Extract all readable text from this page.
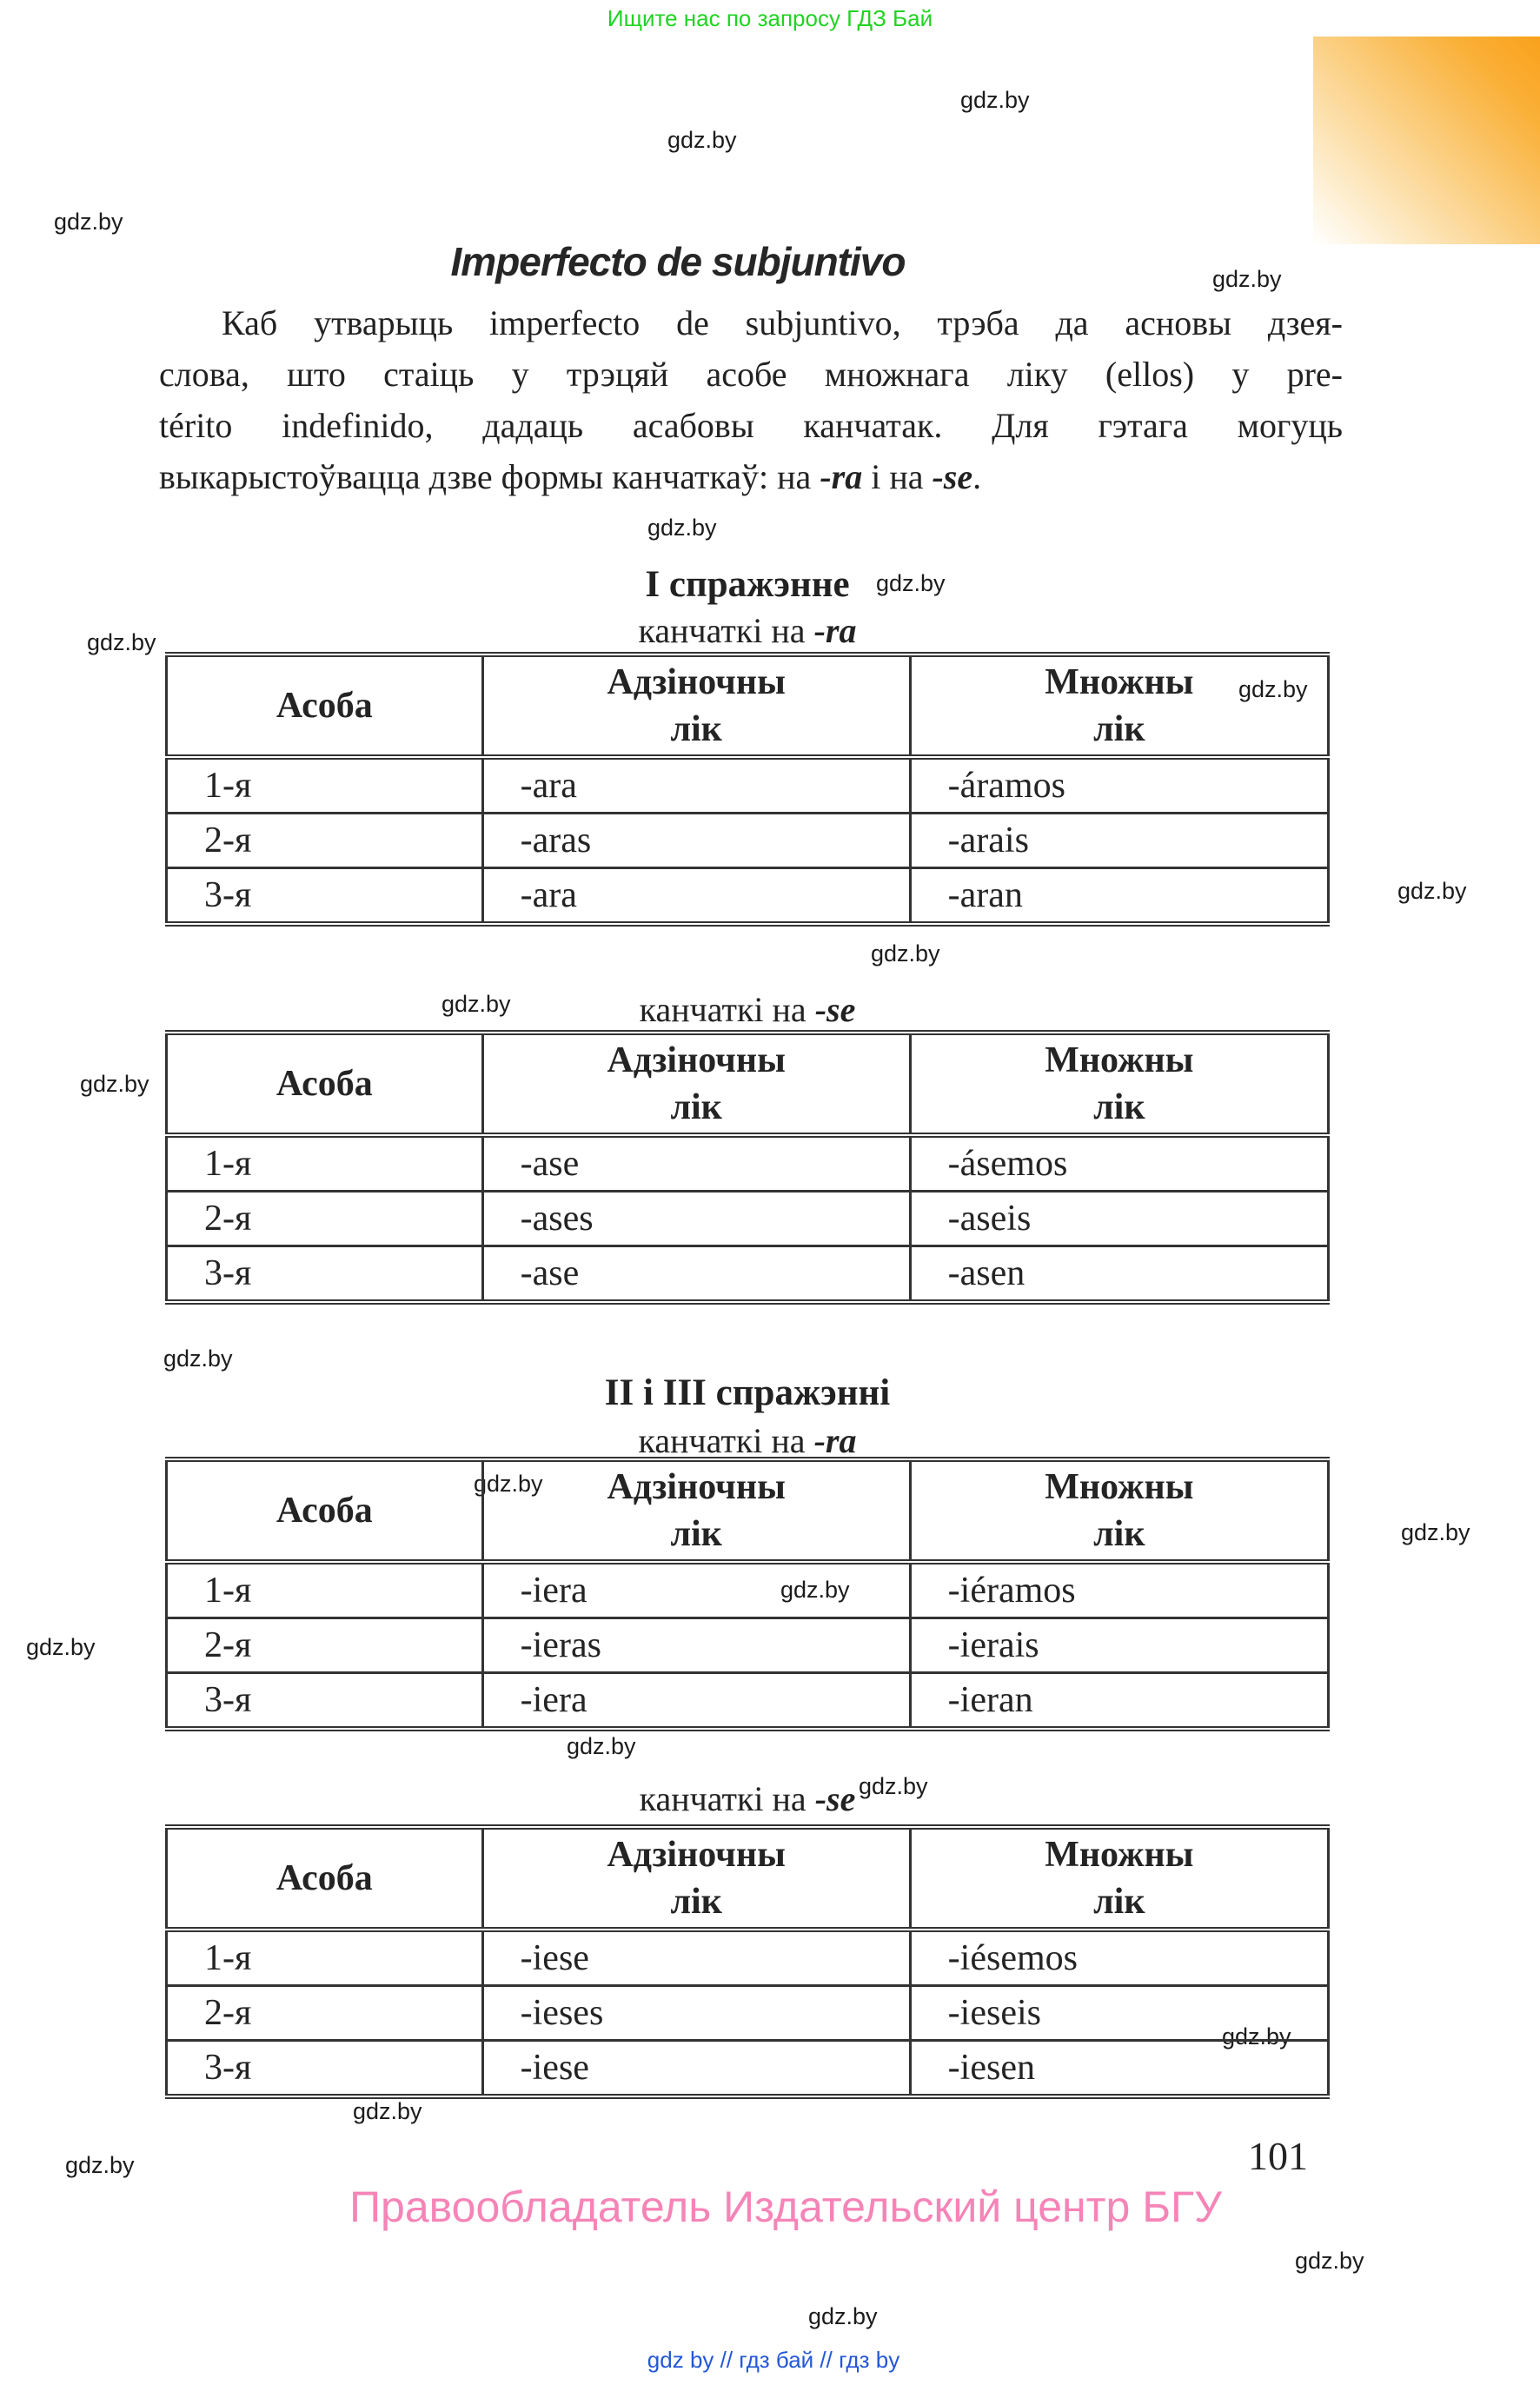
Ищите нас по запросу ГДЗ Бай
gdz.by
gdz.by
gdz.by
gdz.by
gdz.by
gdz.by
gdz.by
gdz.by
gdz.by
gdz.by
gdz.by
gdz.by
gdz.by
gdz.by
gdz.by
gdz.by
gdz.by
gdz.by
gdz.by
gdz.by
gdz.by
gdz.by
gdz.by
gdz.by
Imperfecto de subjuntivo
Каб утварыць imperfecto de subjuntivo, трэба да асновы дзея-
слова, што стаіць у трэцяй асобе множнага ліку (ellos) у pre-
térito indefinido, дадаць асабовы канчатак. Для гэтага могуць
выкарыстоўвацца дзве формы канчаткаў: на -ra і на -se.
І спражэнне
канчаткі на -ra
Асоба

Адзіночны
лік

Множны
лік

1-я	-ara	-áramos
2-я	-aras	-arais
3-я	-ara	-aran
канчаткі на -se
Асоба

Адзіночны
лік

Множны
лік

1-я	-ase	-ásemos
2-я	-ases	-aseis
3-я	-ase	-asen
ІІ і ІІІ спражэнні
канчаткі на -ra
Асоба

Адзіночны
лік

Множны
лік

1-я	-iera	-iéramos
2-я	-ieras	-ierais
3-я	-iera	-ieran
канчаткі на -se
Асоба

Адзіночны
лік

Множны
лік

1-я	-iese	-iésemos
2-я	-ieses	-ieseis
3-я	-iese	-iesen
101
Правообладатель Издательский центр БГУ
gdz by // гдз бай // гдз by
